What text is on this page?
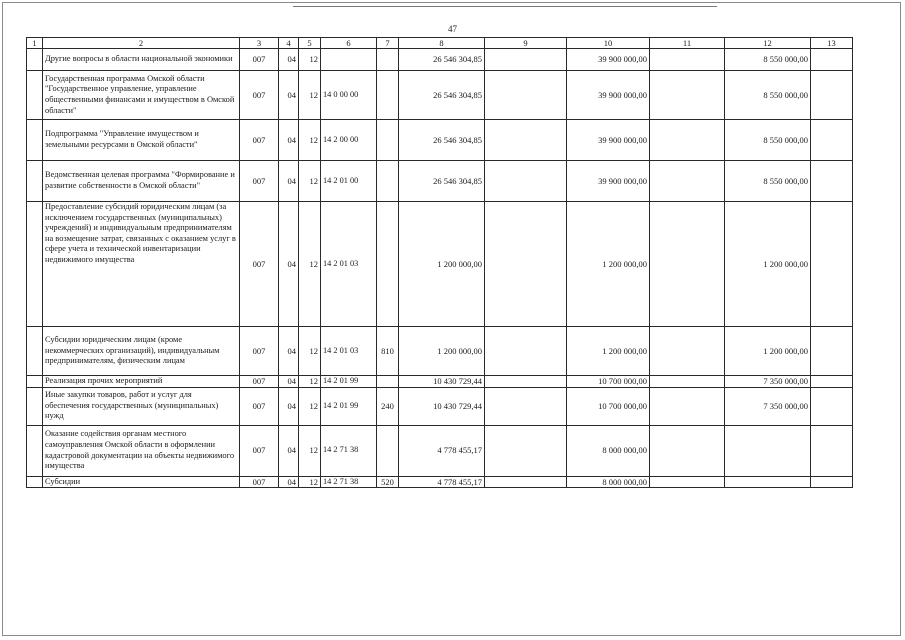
47
1	2	3	4	5	6	7	8	9	10	11	12	13
	Другие вопросы в области национальной экономики	007	04	12			26 546 304,85		39 900 000,00		8 550 000,00	
	Государственная программа Омской области "Государственное управление, управление общественными финансами и имуществом в Омской области"	007	04	12	14 0 00 00		26 546 304,85		39 900 000,00		8 550 000,00	
	Подпрограмма "Управление имуществом и земельными ресурсами в Омской области"	007	04	12	14 2 00 00		26 546 304,85		39 900 000,00		8 550 000,00	
	Ведомственная целевая программа "Формирование и развитие собственности в Омской области"	007	04	12	14 2 01 00		26 546 304,85		39 900 000,00		8 550 000,00	
	Предоставление субсидий юридическим лицам (за исключением государственных (муниципальных) учреждений) и индивидуальным предпринимателям на возмещение затрат, связанных с оказанием услуг в сфере учета и технической инвентаризации недвижимого имущества	007	04	12	14 2 01 03		1 200 000,00		1 200 000,00		1 200 000,00	
	Субсидии юридическим лицам (кроме некоммерческих организаций), индивидуальным предпринимателям, физическим лицам	007	04	12	14 2 01 03	810	1 200 000,00		1 200 000,00		1 200 000,00	
	Реализация прочих мероприятий	007	04	12	14 2 01 99		10 430 729,44		10 700 000,00		7 350 000,00	
	Иные закупки товаров, работ и услуг для обеспечения государственных (муниципальных) нужд	007	04	12	14 2 01 99	240	10 430 729,44		10 700 000,00		7 350 000,00	
	Оказание содействия органам местного самоуправления Омской области в оформлении кадастровой документации на объекты недвижимого имущества	007	04	12	14 2 71 38		4 778 455,17		8 000 000,00			
	Субсидии	007	04	12	14 2 71 38	520	4 778 455,17		8 000 000,00			
